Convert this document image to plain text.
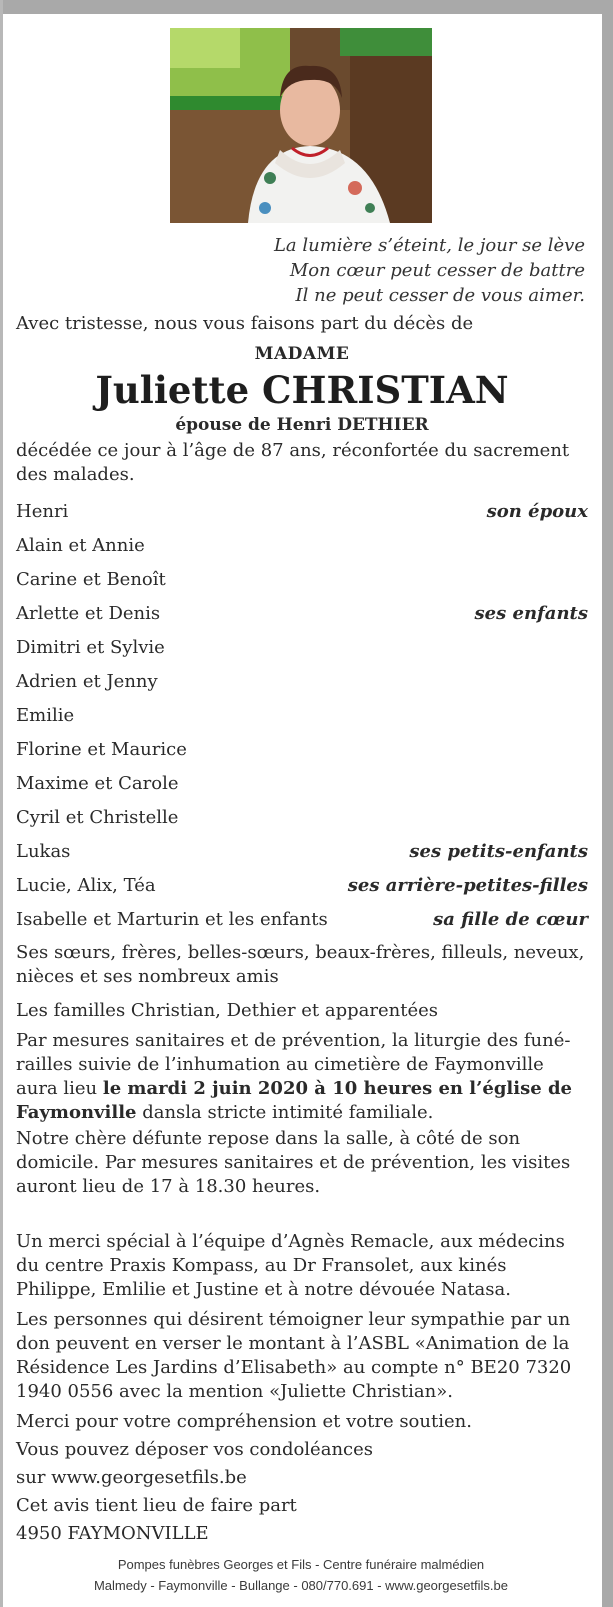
La lumière s’éteint, le jour se lève
Mon cœur peut cesser de battre
Il ne peut cesser de vous aimer.

Avec tristesse, nous vous faisons part du décès de

MADAME
Juliette CHRISTIAN
épouse de Henri DETHIER

décédée ce jour à l’âge de 87 ans, réconfortée du sacrement des malades.

Henri	son époux
Alain et Annie
Carine et Benoît
Arlette et Denis	ses enfants
Dimitri et Sylvie
Adrien et Jenny
Emilie
Florine et Maurice
Maxime et Carole
Cyril et Christelle
Lukas	ses petits-enfants
Lucie, Alix, Téa	ses arrière-petites-filles
Isabelle et Marturin et les enfants	sa fille de cœur

Ses sœurs, frères, belles-sœurs, beaux-frères, filleuls, neveux, nièces et ses nombreux amis

Les familles Christian, Dethier et apparentées

Par mesures sanitaires et de prévention, la liturgie des funé-railles suivie de l’inhumation au cimetière de Faymonville aura lieu le mardi 2 juin 2020 à 10 heures en l’église de Faymonville dansla stricte intimité familiale.

Notre chère défunte repose dans la salle, à côté de son domicile. Par mesures sanitaires et de prévention, les visites auront lieu de 17 à 18.30 heures.

Un merci spécial à l’équipe d’Agnès Remacle, aux médecins du centre Praxis Kompass, au Dr Fransolet, aux kinés Philippe, Emlilie et Justine et à notre dévouée Natasa.

Les personnes qui désirent témoigner leur sympathie par un don peuvent en verser le montant à l’ASBL «Animation de la Résidence Les Jardins d’Elisabeth» au compte n° BE20 7320 1940 0556 avec la mention «Juliette Christian».

Merci pour votre compréhension et votre soutien.

Vous pouvez déposer vos condoléances

sur www.georgesetfils.be

Cet avis tient lieu de faire part

4950 FAYMONVILLE

Pompes funèbres Georges et Fils - Centre funéraire malmédien
Malmedy - Faymonville - Bullange - 080/770.691 - www.georgesetfils.be
